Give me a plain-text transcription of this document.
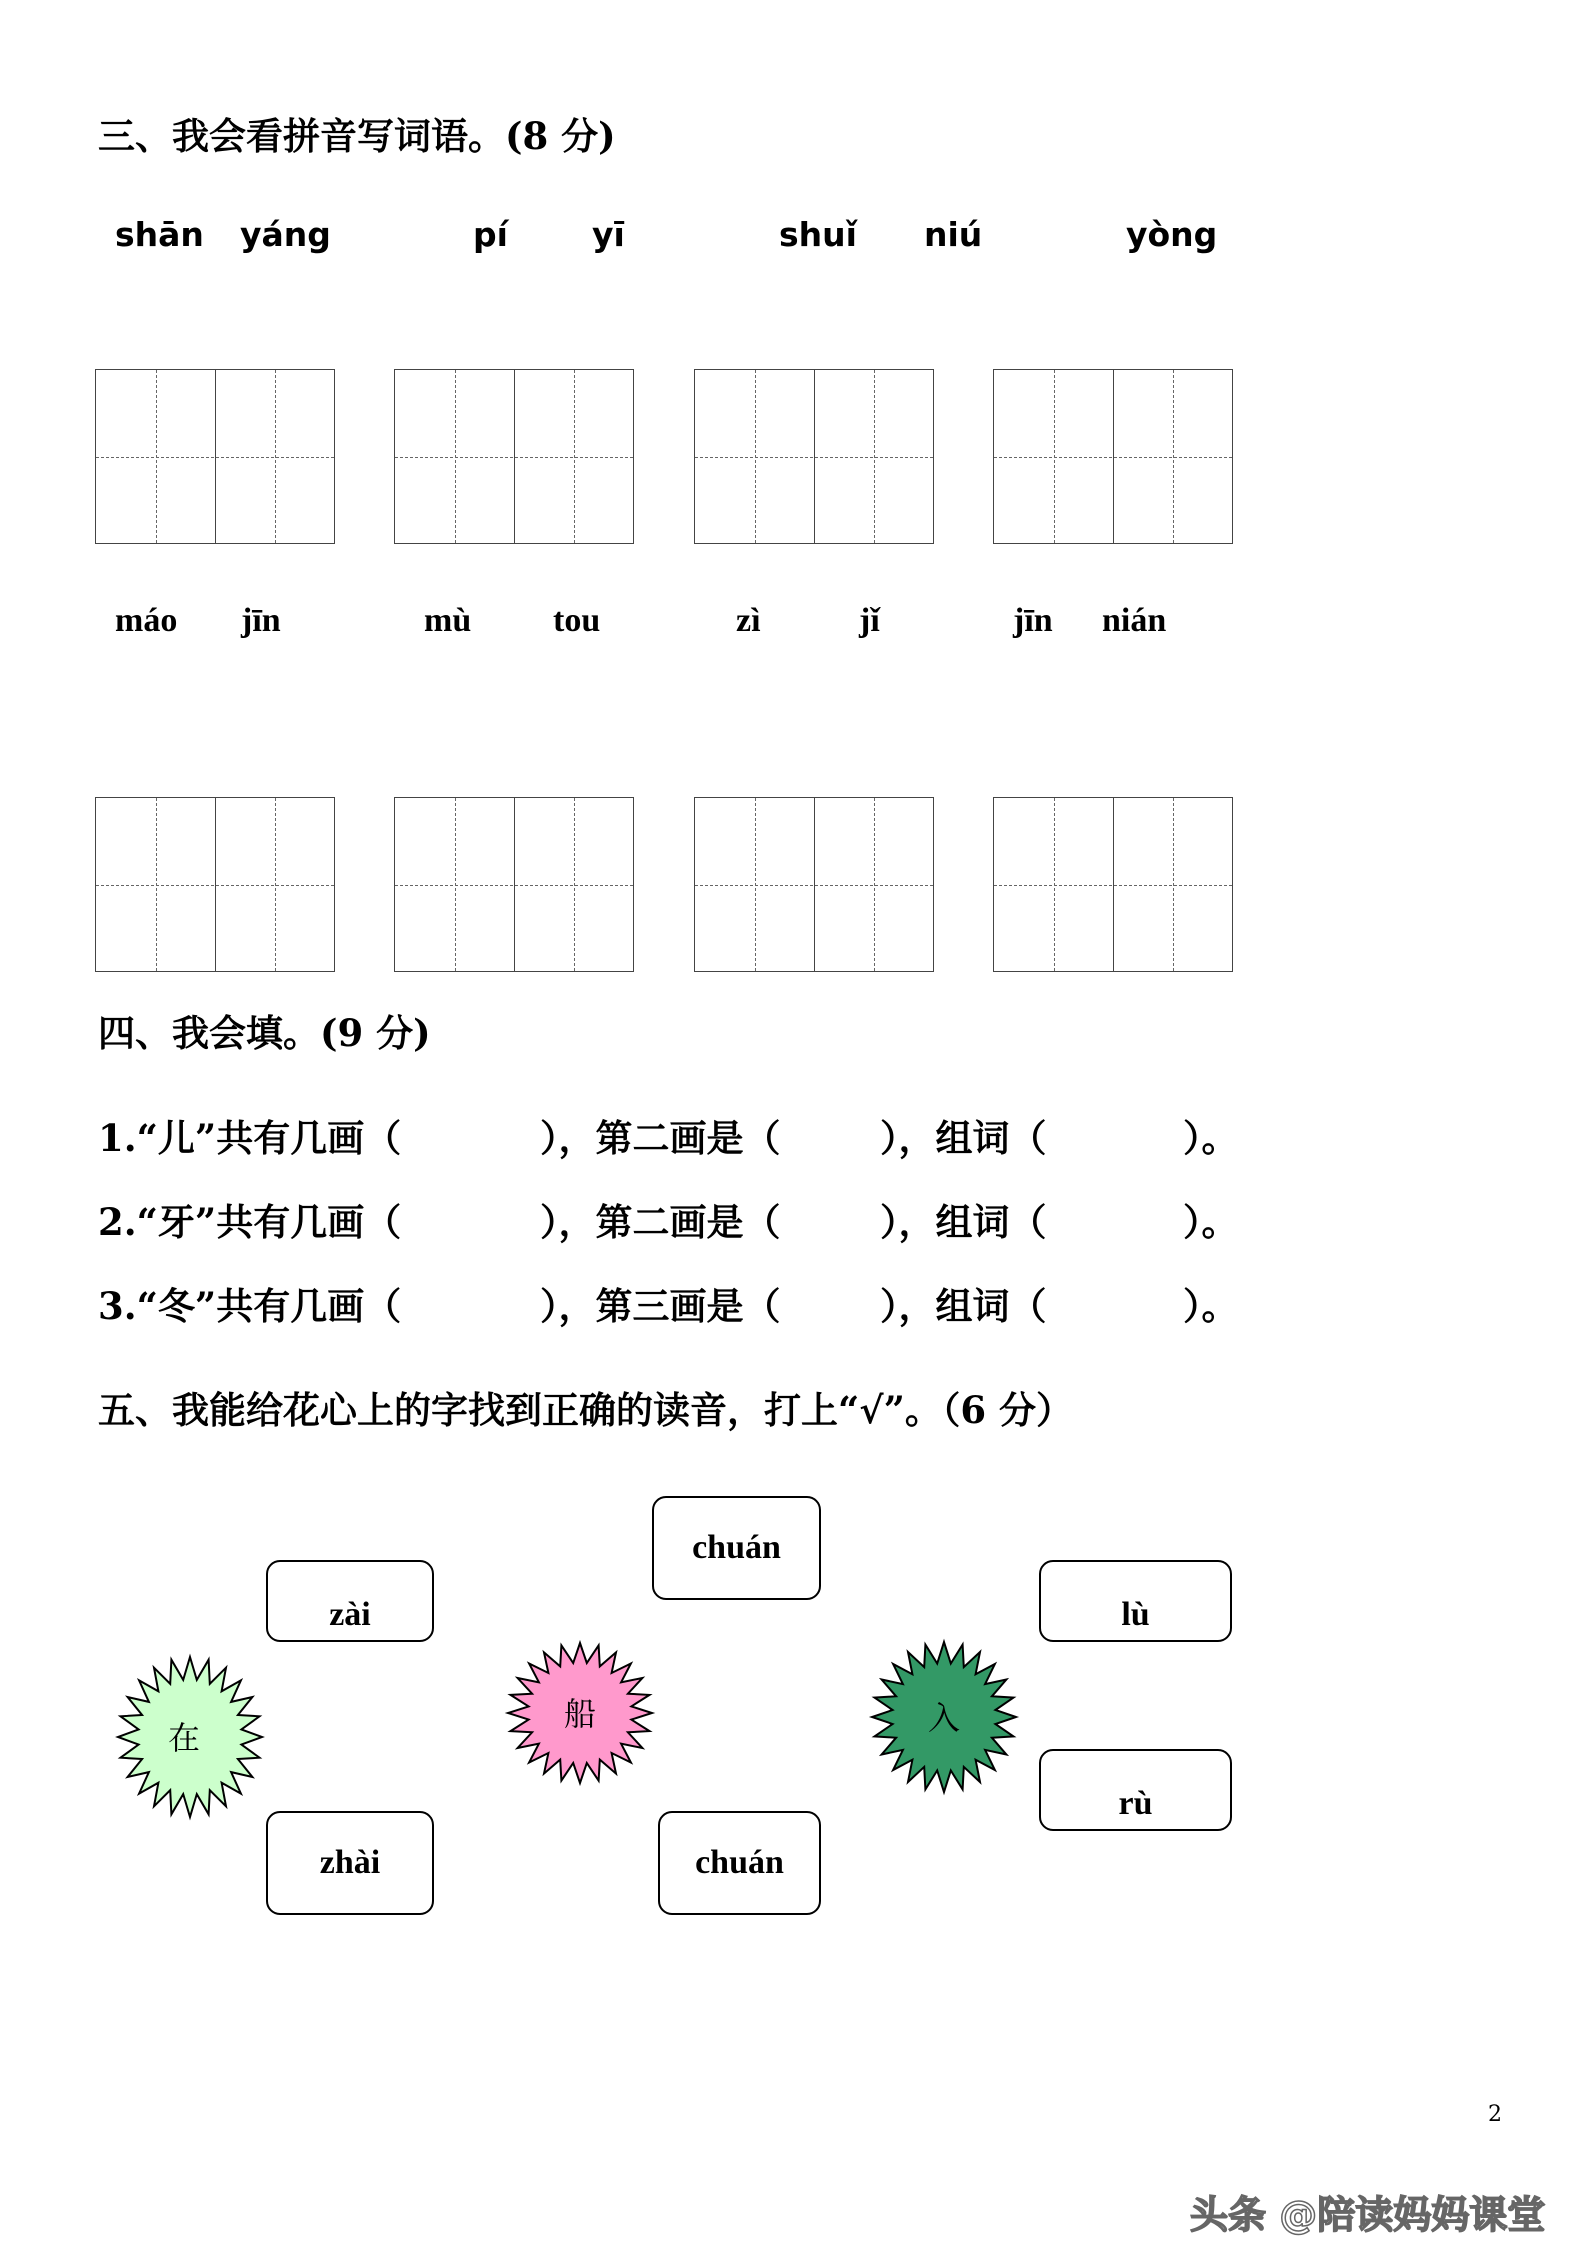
三、我会看拼音写词语。(8 分)
shān yáng	pí	yī	shuǐ niú	yòng
máo jīn	mù tou	zì	jǐ	jīn nián
四、我会填。(9 分)
1.“儿”共有几画（	），第二画是（	），组词（	）。
2.“牙”共有几画（	），第二画是（	），组词（	）。
3.“冬”共有几画（	），第三画是（	），组词（	）。
五、我能给花心上的字找到正确的读音，打上“√”。（6 分）
zài
chuán
lù
rù
zhài	chuán
在
船	入
2
头条 @陪读妈妈课堂
